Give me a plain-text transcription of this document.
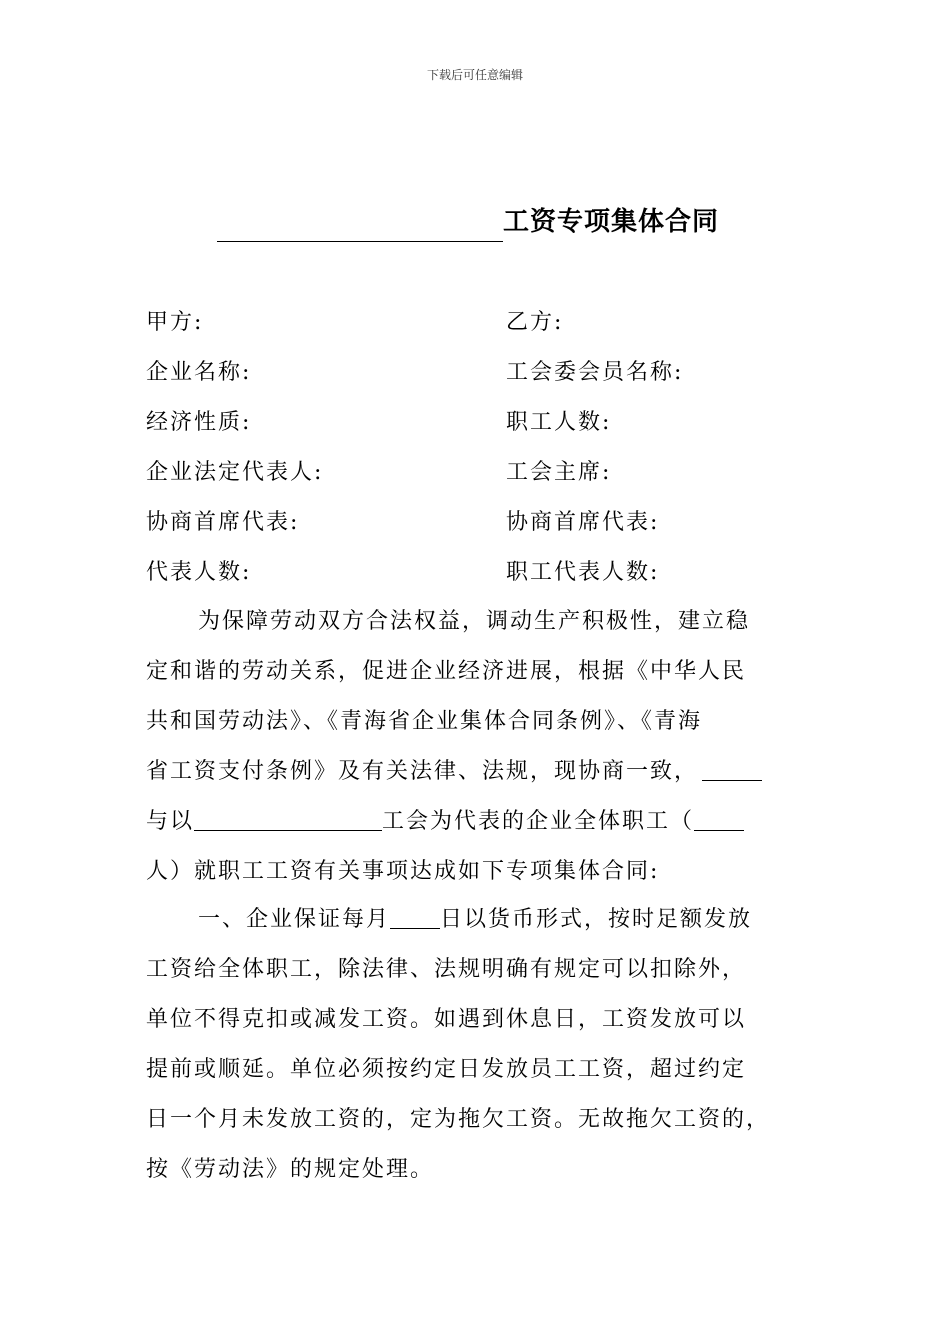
下载后可任意编辑
工资专项集体合同
甲方:
企业名称:
经济性质:
企业法定代表人:
协商首席代表:
代表人数:
乙方:
工会委会员名称:
职工人数:
工会主席:
协商首席代表:
职工代表人数:
为保障劳动双方合法权益，调动生产积极性，建立稳
定和谐的劳动关系，促进企业经济进展，根据《中华人民
共和国劳动法》、《青海省企业集体合同条例》、《青海
省工资支付条例》及有关法律、法规，现协商一致，
与以	工会为代表的企业全体职工（
人）就职工工资有关事项达成如下专项集体合同:
一、企业保证每月 日以货币形式，按时足额发放
工资给全体职工，除法律、法规明确有规定可以扣除外，
单位不得克扣或减发工资。如遇到休息日，工资发放可以
提前或顺延。单位必须按约定日发放员工工资，超过约定
日一个月未发放工资的，定为拖欠工资。无故拖欠工资的，
按《劳动法》的规定处理。
